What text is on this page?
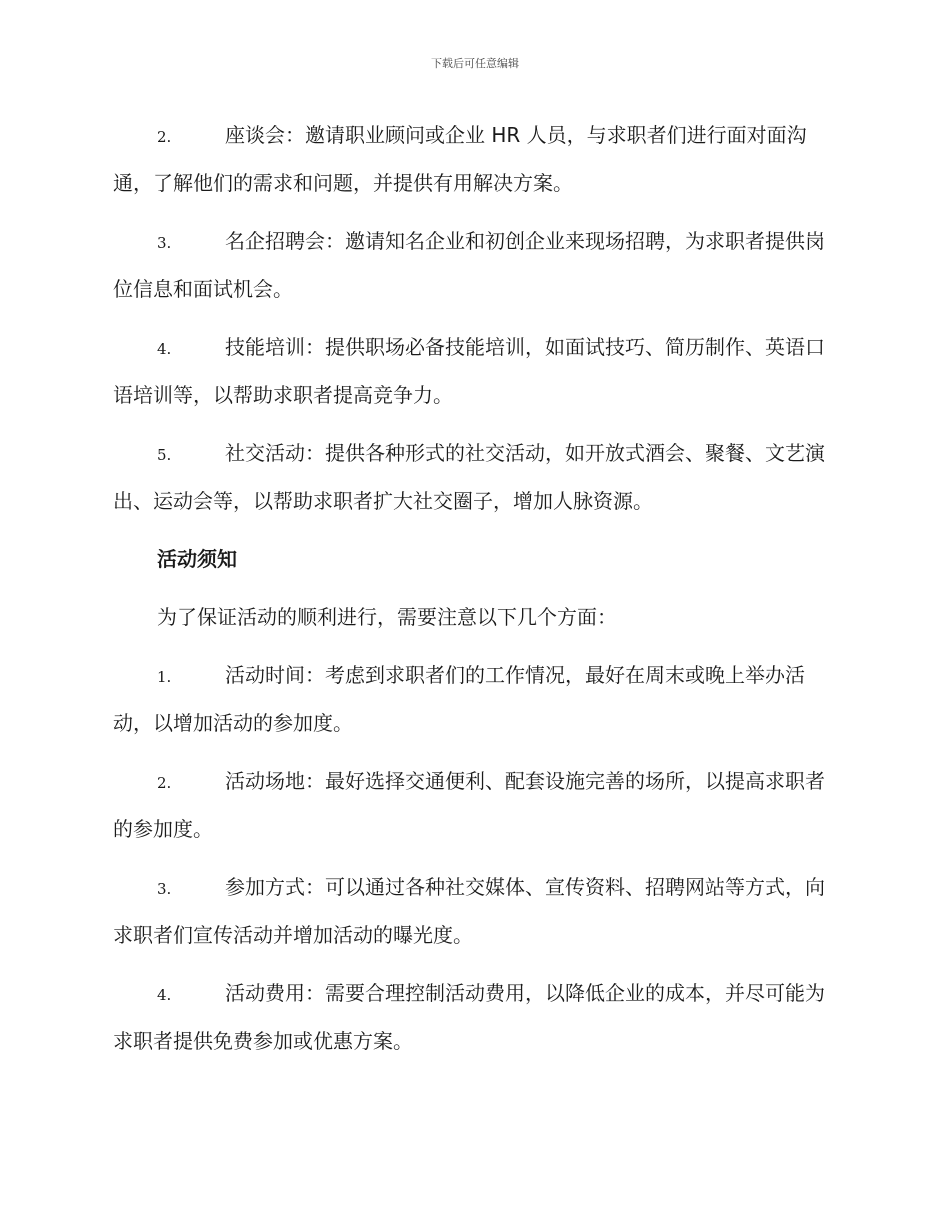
下载后可任意编辑

2.	座谈会：邀请职业顾问或企业 HR 人员，与求职者们进行面对面沟通，了解他们的需求和问题，并提供有用解决方案。

3.	名企招聘会：邀请知名企业和初创企业来现场招聘，为求职者提供岗位信息和面试机会。

4.	技能培训：提供职场必备技能培训，如面试技巧、简历制作、英语口语培训等，以帮助求职者提高竞争力。

5.	社交活动：提供各种形式的社交活动，如开放式酒会、聚餐、文艺演出、运动会等，以帮助求职者扩大社交圈子，增加人脉资源。

活动须知

为了保证活动的顺利进行，需要注意以下几个方面：

1.	活动时间：考虑到求职者们的工作情况，最好在周末或晚上举办活动，以增加活动的参加度。

2.	活动场地：最好选择交通便利、配套设施完善的场所，以提高求职者的参加度。

3.	参加方式：可以通过各种社交媒体、宣传资料、招聘网站等方式，向求职者们宣传活动并增加活动的曝光度。

4.	活动费用：需要合理控制活动费用，以降低企业的成本，并尽可能为求职者提供免费参加或优惠方案。
